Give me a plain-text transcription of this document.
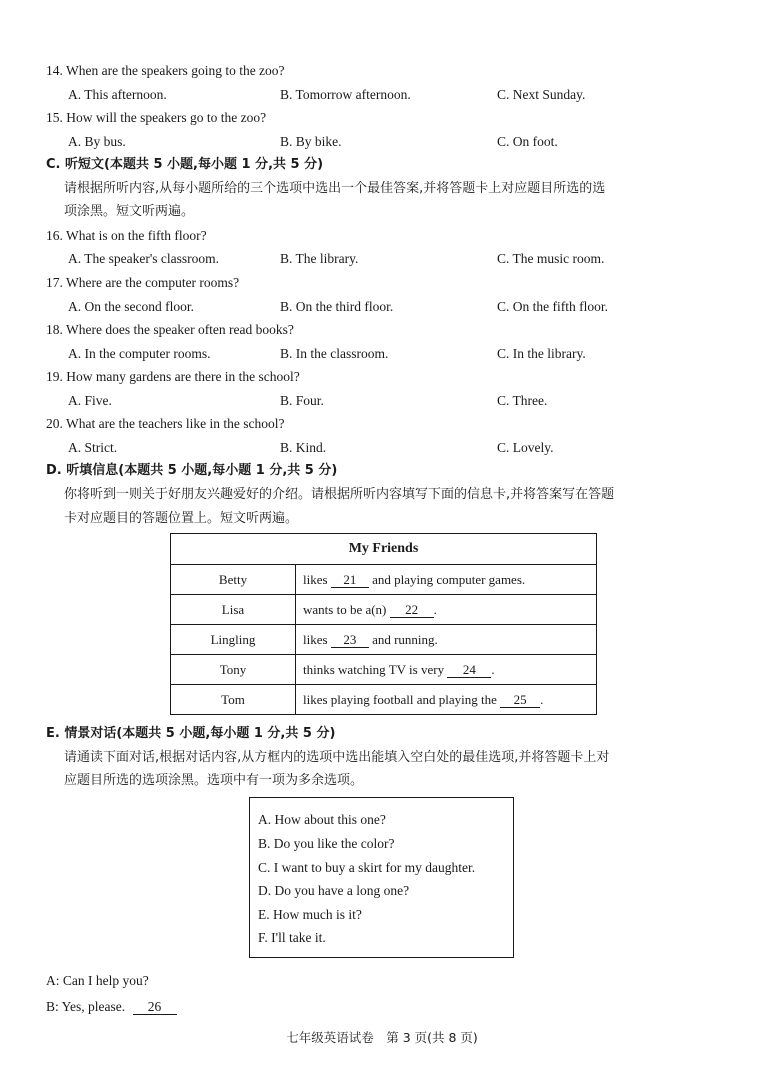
14. When are the speakers going to the zoo?
A. This afternoon.	B. Tomorrow afternoon.	C. Next Sunday.
15. How will the speakers go to the zoo?
A. By bus.	B. By bike.	C. On foot.
C. 听短文(本题共 5 小题,每小题 1 分,共 5 分)
请根据所听内容,从每小题所给的三个选项中选出一个最佳答案,并将答题卡上对应题目所选的选
项涂黑。短文听两遍。
16. What is on the fifth floor?
A. The speaker's classroom.	B. The library.	C. The music room.
17. Where are the computer rooms?
A. On the second floor.	B. On the third floor.	C. On the fifth floor.
18. Where does the speaker often read books?
A. In the computer rooms.	B. In the classroom.	C. In the library.
19. How many gardens are there in the school?
A. Five.	B. Four.	C. Three.
20. What are the teachers like in the school?
A. Strict.	B. Kind.	C. Lovely.
D. 听填信息(本题共 5 小题,每小题 1 分,共 5 分)
你将听到一则关于好朋友兴趣爱好的介绍。请根据所听内容填写下面的信息卡,并将答案写在答题
卡对应题目的答题位置上。短文听两遍。
My Friends	
Betty	likes 21 and playing computer games.
Lisa	wants to be a(n) 22 .
Lingling	likes 23 and running.
Tony	thinks watching TV is very 24 .
Tom	likes playing football and playing the 25 .
E. 情景对话(本题共 5 小题,每小题 1 分,共 5 分)
请通读下面对话,根据对话内容,从方框内的选项中选出能填入空白处的最佳选项,并将答题卡上对
应题目所选的选项涂黑。选项中有一项为多余选项。
A. How about this one?
B. Do you like the color?
C. I want to buy a skirt for my daughter.
D. Do you have a long one?
E. How much is it?
F. I'll take it.
A: Can I help you?
B: Yes, please. 26
七年级英语试卷　第 3 页(共 8 页)
